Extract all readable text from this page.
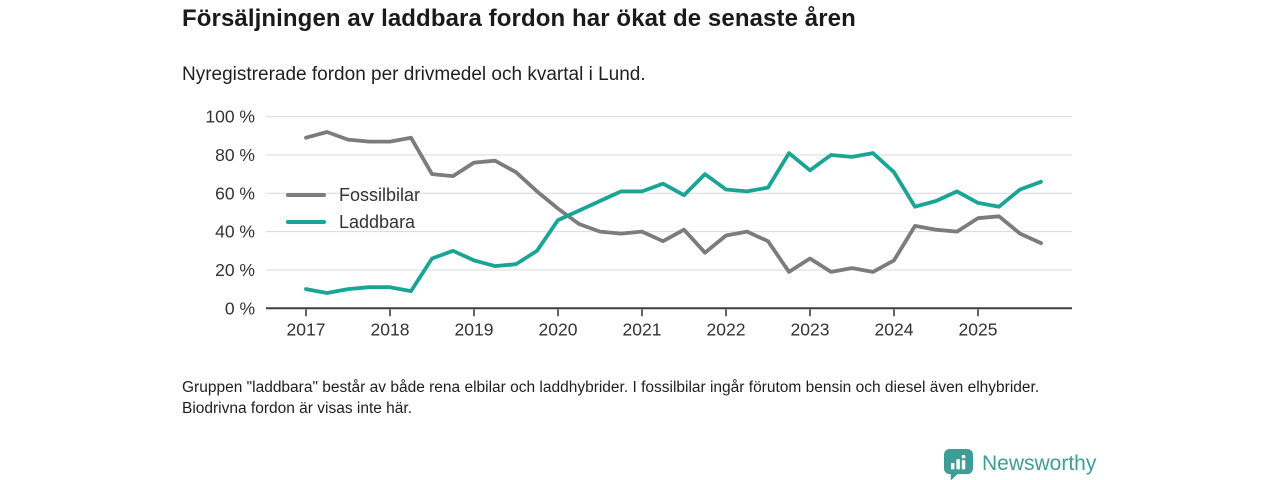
Försäljningen av laddbara fordon har ökat de senaste åren
Nyregistrerade fordon per drivmedel och kvartal i Lund.
0 %
20 %
40 %
60 %
80 %
100 %
2017	2018	2019	2020	2021	2022	2023	2024	2025
Fossilbilar
Laddbara
Gruppen "laddbara" består av både rena elbilar och laddhybrider. I fossilbilar ingår förutom bensin och diesel även elhybrider. Biodrivna fordon är visas inte här.
Newsworthy
